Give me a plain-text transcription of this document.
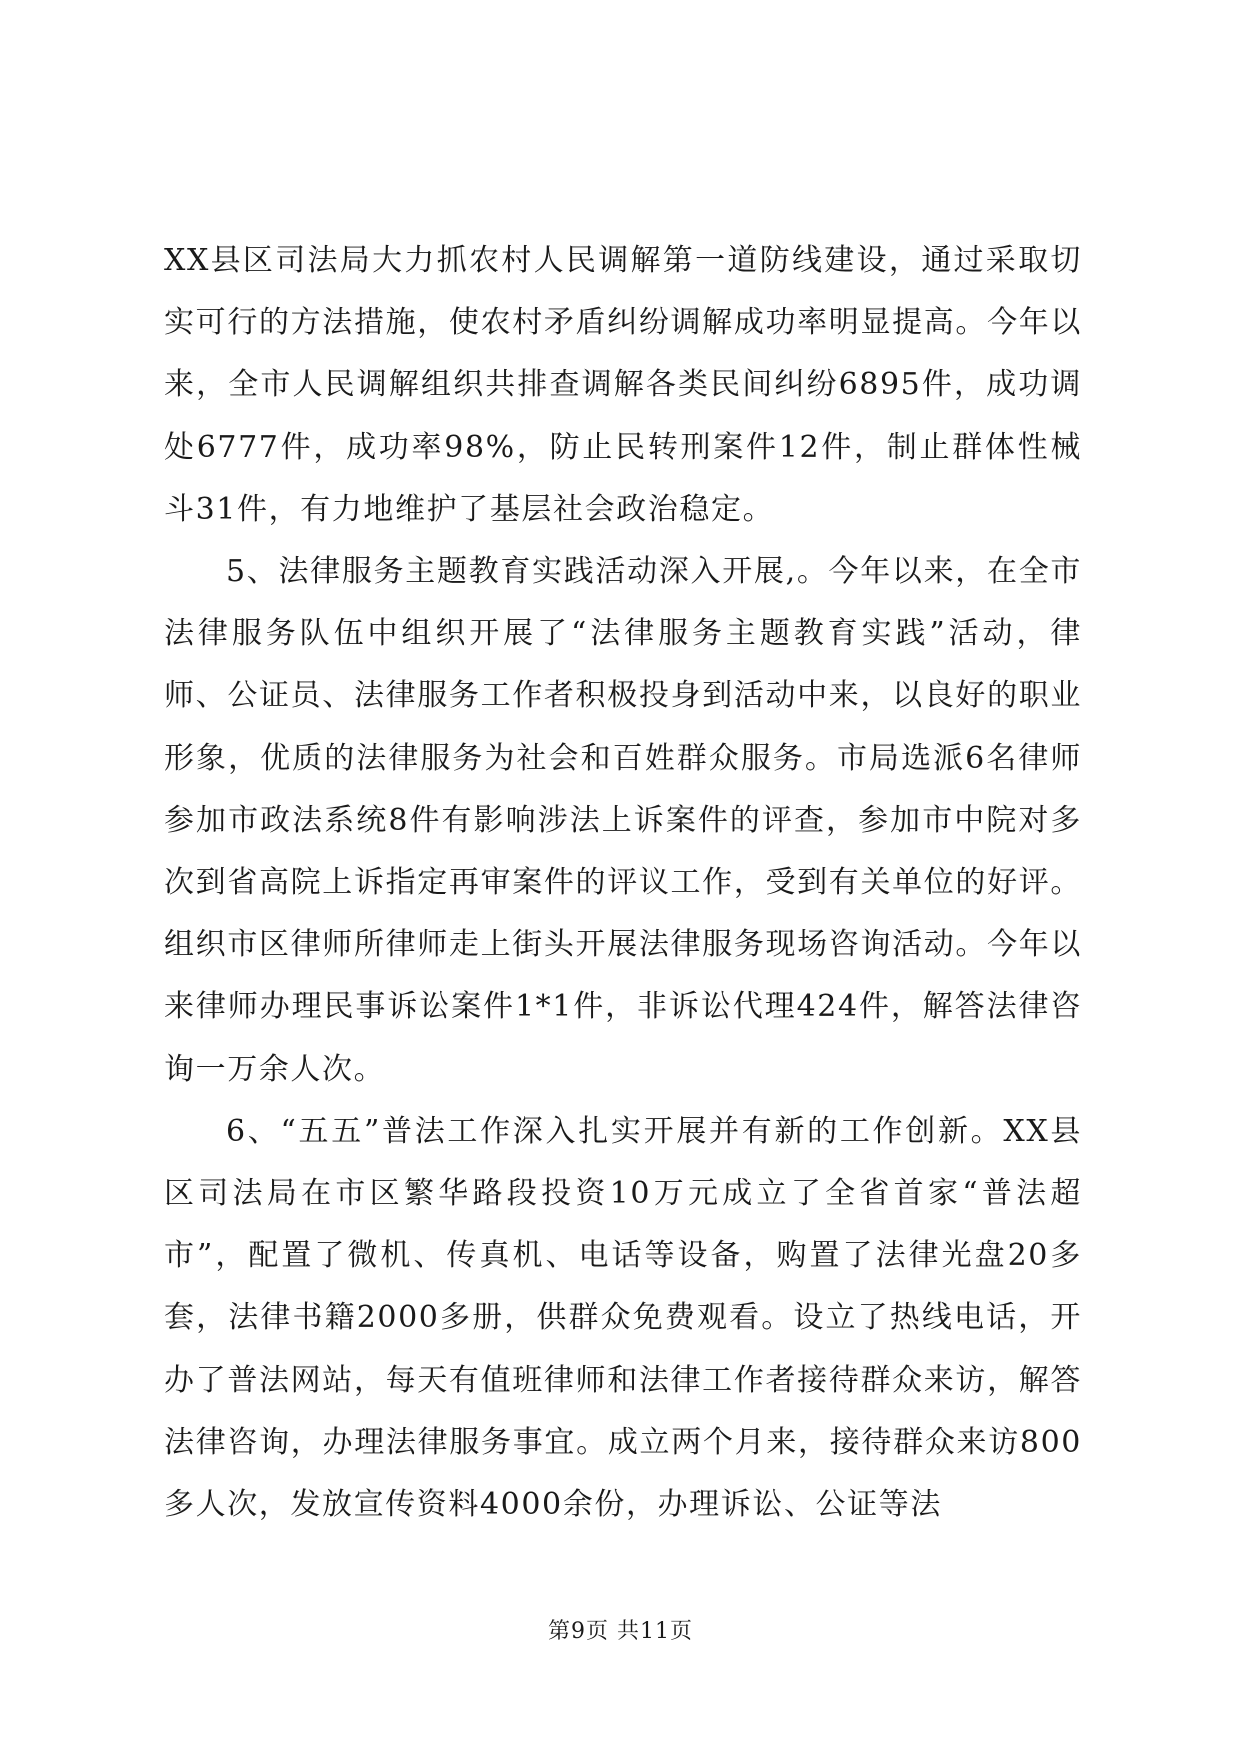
XX县区司法局大力抓农村人民调解第一道防线建设，通过采取切实可行的方法措施，使农村矛盾纠纷调解成功率明显提高。今年以来，全市人民调解组织共排查调解各类民间纠纷6895件，成功调处6777件，成功率98%，防止民转刑案件12件，制止群体性械斗31件，有力地维护了基层社会政治稳定。

5、法律服务主题教育实践活动深入开展,。今年以来，在全市法律服务队伍中组织开展了“法律服务主题教育实践”活动，律师、公证员、法律服务工作者积极投身到活动中来，以良好的职业形象，优质的法律服务为社会和百姓群众服务。市局选派6名律师参加市政法系统8件有影响涉法上诉案件的评查，参加市中院对多次到省高院上诉指定再审案件的评议工作，受到有关单位的好评。组织市区律师所律师走上街头开展法律服务现场咨询活动。今年以来律师办理民事诉讼案件1*1件，非诉讼代理424件，解答法律咨询一万余人次。

6、“五五”普法工作深入扎实开展并有新的工作创新。XX县区司法局在市区繁华路段投资10万元成立了全省首家“普法超市”，配置了微机、传真机、电话等设备，购置了法律光盘20多套，法律书籍2000多册，供群众免费观看。设立了热线电话，开办了普法网站，每天有值班律师和法律工作者接待群众来访，解答法律咨询，办理法律服务事宜。成立两个月来，接待群众来访800多人次，发放宣传资料4000余份，办理诉讼、公证等法

第9页 共11页
